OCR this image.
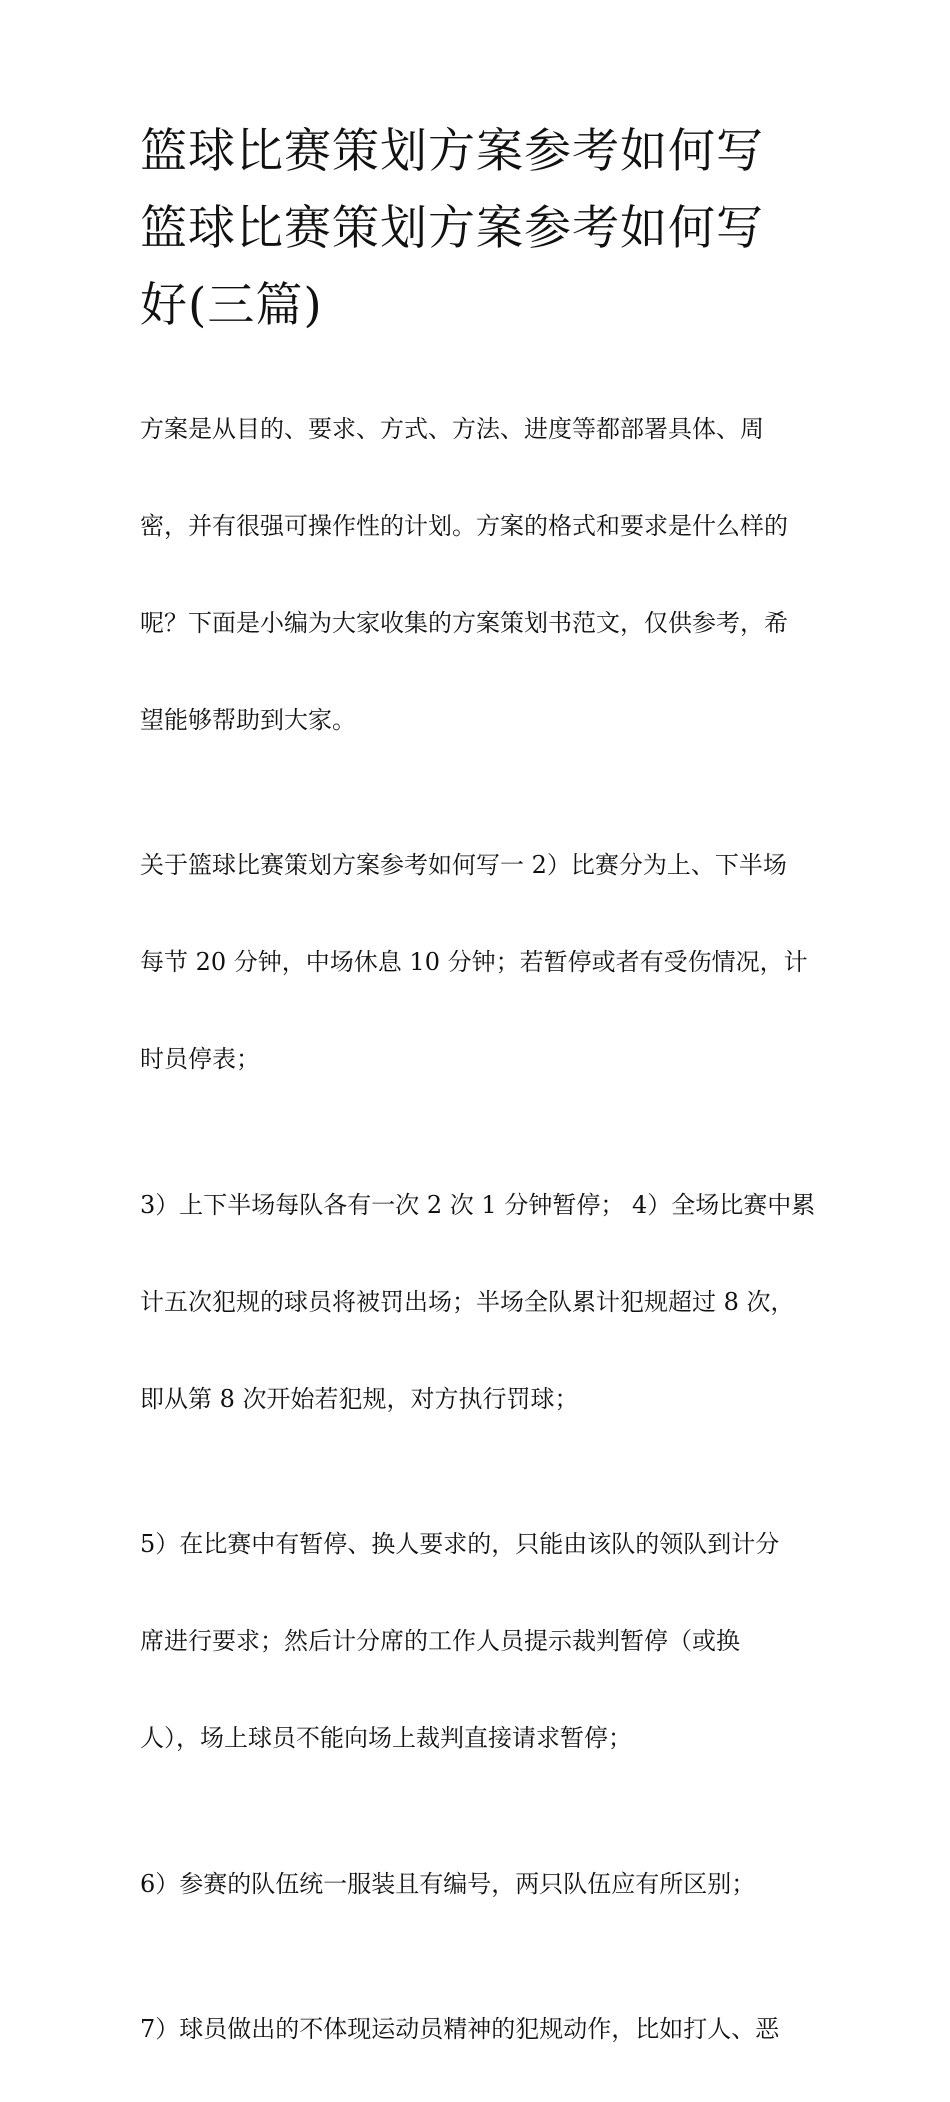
篮球比赛策划方案参考如何写
篮球比赛策划方案参考如何写
好(三篇)

方案是从目的、要求、方式、方法、进度等都部署具体、周

密，并有很强可操作性的计划。方案的格式和要求是什么样的

呢？下面是小编为大家收集的方案策划书范文，仅供参考，希

望能够帮助到大家。

关于篮球比赛策划方案参考如何写一 2）比赛分为上、下半场

每节 20 分钟，中场休息 10 分钟；若暂停或者有受伤情况，计

时员停表；

3）上下半场每队各有一次 2 次 1 分钟暂停； 4）全场比赛中累

计五次犯规的球员将被罚出场；半场全队累计犯规超过 8 次，

即从第 8 次开始若犯规，对方执行罚球；

5）在比赛中有暂停、换人要求的，只能由该队的领队到计分

席进行要求；然后计分席的工作人员提示裁判暂停（或换

人），场上球员不能向场上裁判直接请求暂停；

6）参赛的队伍统一服装且有编号，两只队伍应有所区别；

7）球员做出的不体现运动员精神的犯规动作，比如打人、恶
